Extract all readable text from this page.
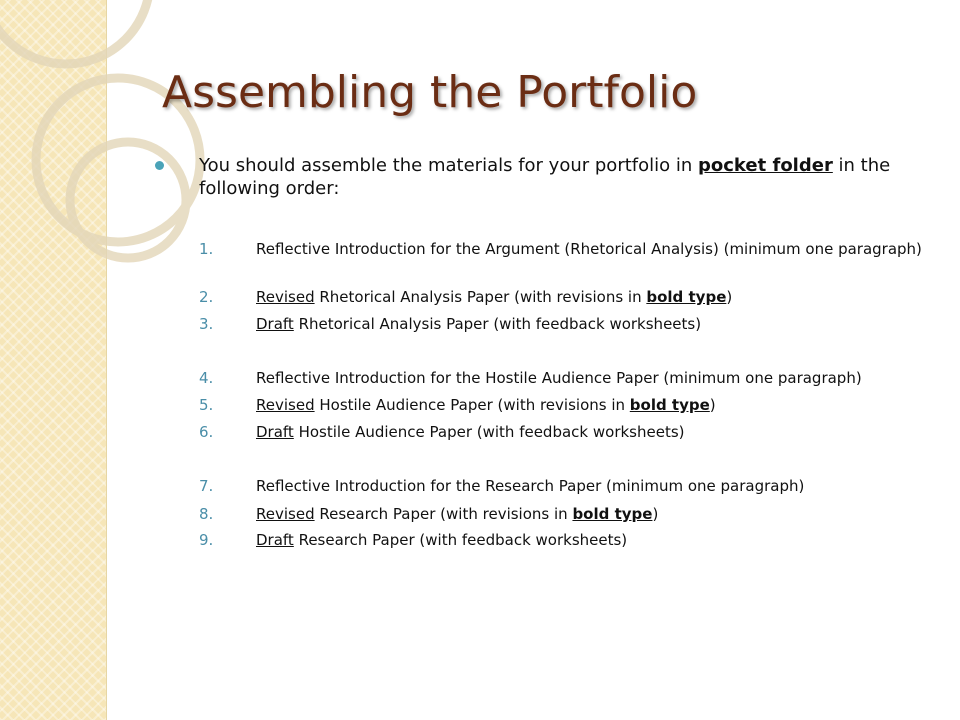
Assembling the Portfolio
You should assemble the materials for your portfolio in pocket folder in the following order:
1.	Reflective Introduction for the Argument (Rhetorical Analysis) (minimum one paragraph)
2.	Revised Rhetorical Analysis Paper (with revisions in bold type)
3.	Draft Rhetorical Analysis Paper (with feedback worksheets)
4.	Reflective Introduction for the Hostile Audience Paper (minimum one paragraph)
5.	Revised Hostile Audience Paper (with revisions in bold type)
6.	Draft Hostile Audience Paper (with feedback worksheets)
7.	Reflective Introduction for the Research Paper (minimum one paragraph)
8.	Revised Research Paper (with revisions in bold type)
9.	Draft Research Paper (with feedback worksheets)
